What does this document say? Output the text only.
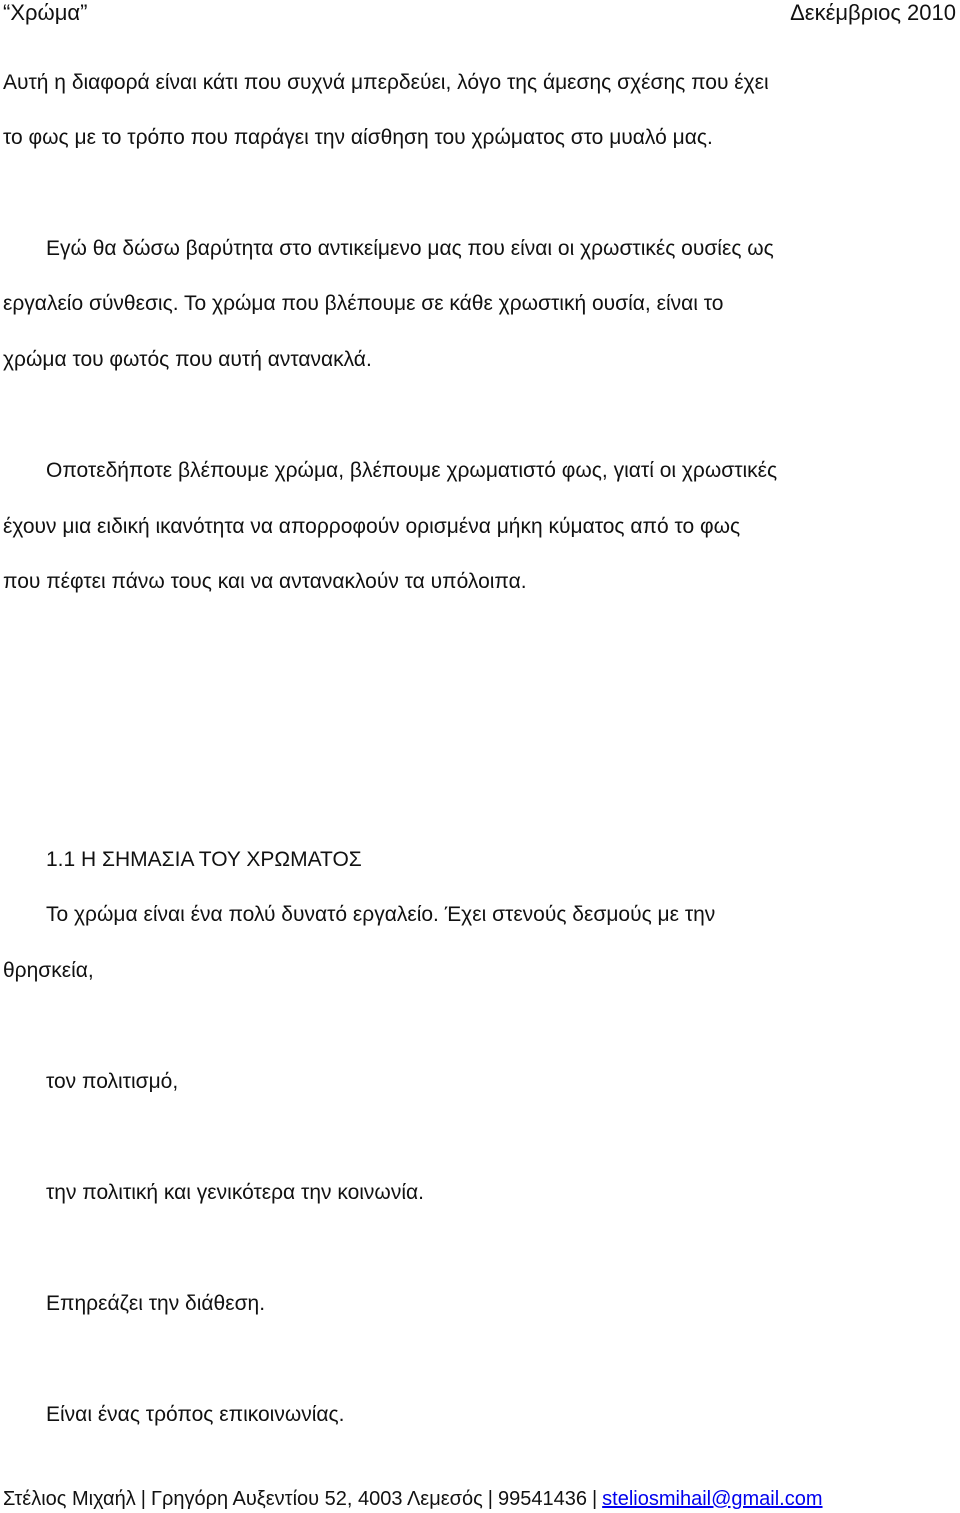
“Χρώμα”	Δεκέμβριος 2010
Αυτή η διαφορά είναι κάτι που συχνά μπερδεύει, λόγο της άμεσης σχέσης που έχει
το φως με το τρόπο που παράγει την αίσθηση του χρώματος στο μυαλό μας.
Εγώ θα δώσω βαρύτητα στο αντικείμενο μας που είναι οι χρωστικές ουσίες ως
εργαλείο σύνθεσις. Το χρώμα που βλέπουμε σε κάθε χρωστική ουσία, είναι το
χρώμα του φωτός που αυτή αντανακλά.
Οποτεδήποτε βλέπουμε χρώμα, βλέπουμε χρωματιστό φως, γιατί οι χρωστικές
έχουν μια ειδική ικανότητα να απορροφούν ορισμένα μήκη κύματος από το φως
που πέφτει πάνω τους και να αντανακλούν τα υπόλοιπα.
1.1 Η ΣΗΜΑΣΙΑ ΤΟΥ ΧΡΩΜΑΤΟΣ
Το χρώμα είναι ένα πολύ δυνατό εργαλείο. Έχει στενούς δεσμούς με την
θρησκεία,
τον πολιτισμό,
την πολιτική και γενικότερα την κοινωνία.
Επηρεάζει την διάθεση.
Είναι ένας τρόπος επικοινωνίας.
Στέλιος Μιχαήλ | Γρηγόρη Αυξεντίου 52, 4003 Λεμεσός | 99541436 | steliosmihail@gmail.com
